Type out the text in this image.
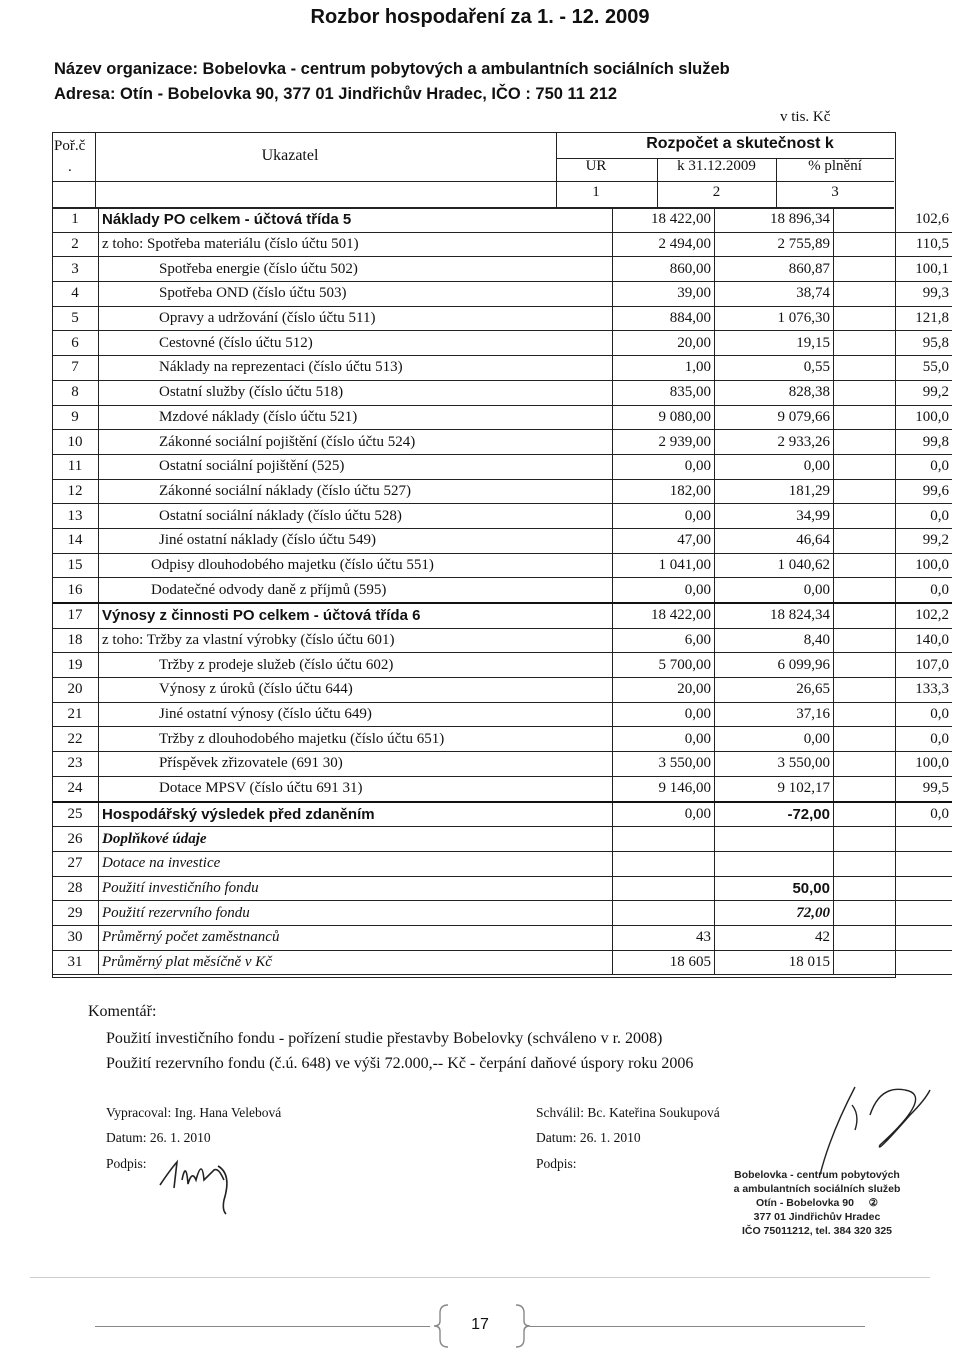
Rozbor hospodaření za 1. - 12. 2009
Název organizace: Bobelovka - centrum pobytových a ambulantních sociálních služeb
Adresa: Otín - Bobelovka 90, 377 01 Jindřichův Hradec, IČO : 750 11 212
v tis. Kč
Poř.č
.
Ukazatel
Rozpočet a skutečnost k
UR	k 31.12.2009	% plnění
1	2	3
1	Náklady PO celkem - účtová třída 5	18 422,00	18 896,34	102,6
2	z toho: Spotřeba materiálu (číslo účtu 501)	2 494,00	2 755,89	110,5
3	Spotřeba energie (číslo účtu 502)	860,00	860,87	100,1
4	Spotřeba OND (číslo účtu 503)	39,00	38,74	99,3
5	Opravy a udržování (číslo účtu 511)	884,00	1 076,30	121,8
6	Cestovné (číslo účtu 512)	20,00	19,15	95,8
7	Náklady na reprezentaci (číslo účtu 513)	1,00	0,55	55,0
8	Ostatní služby (číslo účtu 518)	835,00	828,38	99,2
9	Mzdové náklady (číslo účtu 521)	9 080,00	9 079,66	100,0
10	Zákonné sociální pojištění (číslo účtu 524)	2 939,00	2 933,26	99,8
11	Ostatní sociální pojištění (525)	0,00	0,00	0,0
12	Zákonné sociální náklady (číslo účtu 527)	182,00	181,29	99,6
13	Ostatní sociální náklady (číslo účtu 528)	0,00	34,99	0,0
14	Jiné ostatní náklady (číslo účtu 549)	47,00	46,64	99,2
15	Odpisy dlouhodobého majetku (číslo účtu 551)	1 041,00	1 040,62	100,0
16	Dodatečné odvody daně z příjmů (595)	0,00	0,00	0,0
17	Výnosy z činnosti PO celkem - účtová třída 6	18 422,00	18 824,34	102,2
18	z toho: Tržby za vlastní výrobky (číslo účtu 601)	6,00	8,40	140,0
19	Tržby z prodeje služeb (číslo účtu 602)	5 700,00	6 099,96	107,0
20	Výnosy z úroků (číslo účtu 644)	20,00	26,65	133,3
21	Jiné ostatní výnosy (číslo účtu 649)	0,00	37,16	0,0
22	Tržby z dlouhodobého majetku (číslo účtu 651)	0,00	0,00	0,0
23	Příspěvek zřizovatele (691 30)	3 550,00	3 550,00	100,0
24	Dotace MPSV (číslo účtu 691 31)	9 146,00	9 102,17	99,5
25	Hospodářský výsledek před zdaněním	0,00	-72,00	0,0
26	Doplňkové údaje			
27	Dotace na investice			
28	Použití investičního fondu		50,00	
29	Použití rezervního fondu		72,00	
30	Průměrný počet zaměstnanců	43	42	
31	Průměrný plat měsíčně v Kč	18 605	18 015	
Komentář:
Použití investičního fondu - pořízení studie přestavby Bobelovky (schváleno v r. 2008)
Použití rezervního fondu (č.ú. 648) ve výši 72.000,-- Kč - čerpání daňové úspory roku 2006
Vypracoval: Ing. Hana Velebová
Datum: 26. 1. 2010
Podpis:
Schválil: Bc. Kateřina Soukupová
Datum: 26. 1. 2010
Podpis:
Bobelovka - centrum pobytových
a ambulantních sociálních služeb
Otín - Bobelovka 90 ②
377 01 Jindřichův Hradec
IČO 75011212, tel. 384 320 325
17
